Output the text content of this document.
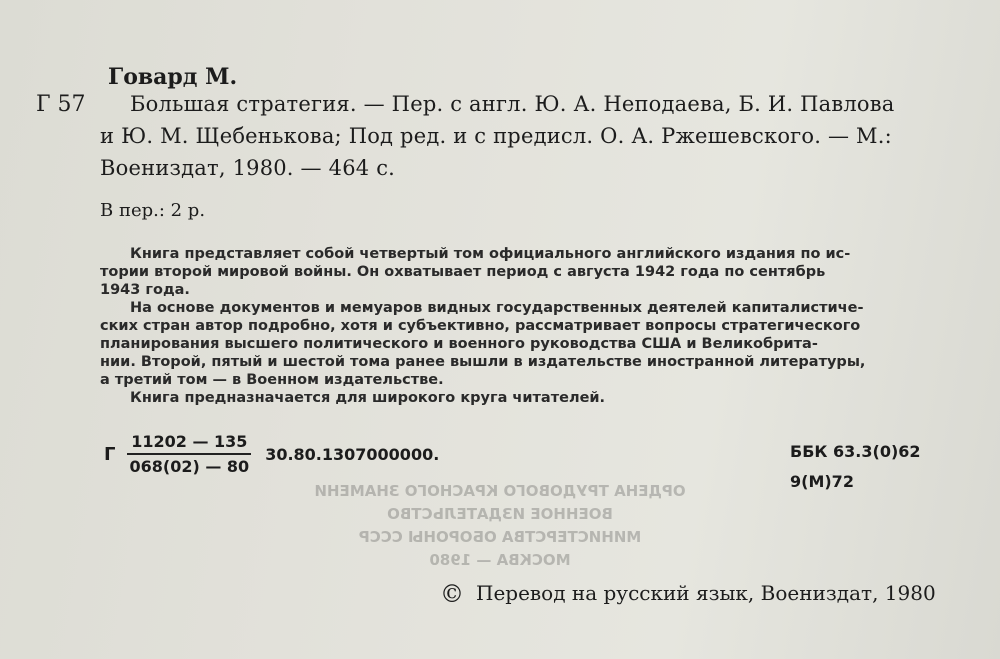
Говард М.
Г 57 Большая стратегия. — Пер. с англ. Ю. А. Неподаева, Б. И. Павлова
и Ю. М. Щебенькова; Под ред. и с предисл. О. А. Ржешевского. — М.:
Воениздат, 1980. — 464 с.
В пер.: 2 р.
Книга представляет собой четвертый том официального английского издания по ис-
тории второй мировой войны. Он охватывает период с августа 1942 года по сентябрь
1943 года.
На основе документов и мемуаров видных государственных деятелей капиталистиче-
ских стран автор подробно, хотя и субъективно, рассматривает вопросы стратегического
планирования высшего политического и военного руководства США и Великобрита-
нии. Второй, пятый и шестой тома ранее вышли в издательстве иностранной литературы,
а третий том — в Военном издательстве.
Книга предназначается для широкого круга читателей.
Г $\frac{11202 — 135}{068(02) — 80} 30.80.1307000000$.	ББК 63.3(0)62
9(М)72
ОРДЕНА ТРУДОВОГО КРАСНОГО ЗНАМЕНИ
ВОЕННОЕ ИЗДАТЕЛЬСТВО
МИНИСТЕРСТВА ОБОРОНЫ СССР
МОСКВА — 1980
© Перевод на русский язык, Воениздат, 1980
